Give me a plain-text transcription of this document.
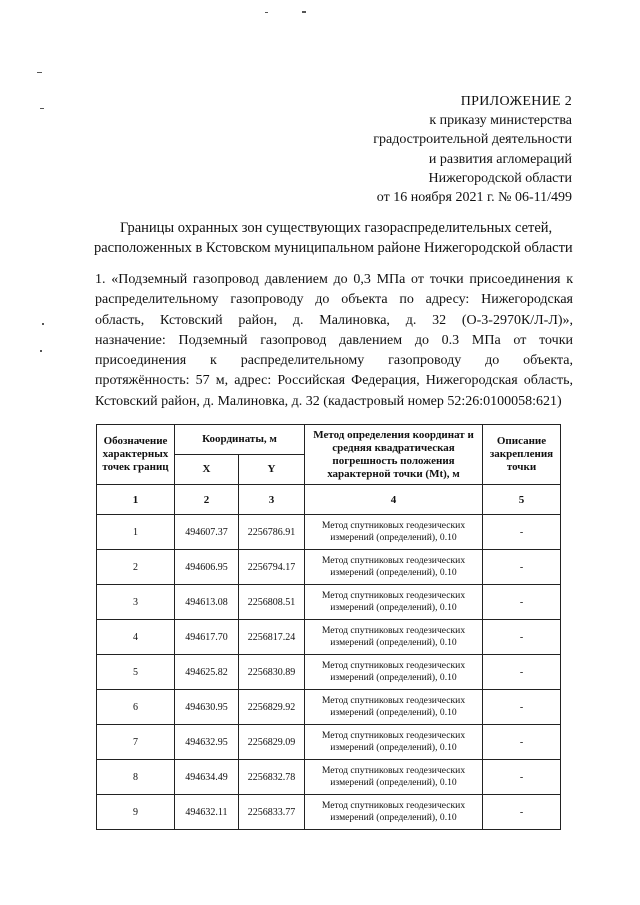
ПРИЛОЖЕНИЕ 2
к приказу министерства
градостроительной деятельности
и развития агломераций
Нижегородской области
от 16 ноября 2021 г. № 06-11/499
Границы охранных зон существующих газораспределительных сетей,
расположенных в Кстовском муниципальном районе Нижегородской области
1. «Подземный газопровод давлением до 0,3 МПа от точки присоединения к
распределительному газопроводу до объекта по адресу: Нижегородская
область, Кстовский район, д. Малиновка, д. 32 (О-3-2970К/Л-Л)»,
назначение: Подземный газопровод давлением до 0.3 МПа от точки
присоединения к распределительному газопроводу до объекта,
протяжённость: 57 м, адрес: Российская Федерация, Нижегородская область,
Кстовский район, д. Малиновка, д. 32 (кадастровый номер 52:26:0100058:621)
Обозначение характерных точек границ	Координаты, м		Метод определения координат и средняя квадратическая погрешность положения характерной точки (Mt), м	Описание закрепления точки
	X	Y		
1	2	3	4	5
1	494607.37	2256786.91	Метод спутниковых геодезических измерений (определений), 0.10	-
2	494606.95	2256794.17	Метод спутниковых геодезических измерений (определений), 0.10	-
3	494613.08	2256808.51	Метод спутниковых геодезических измерений (определений), 0.10	-
4	494617.70	2256817.24	Метод спутниковых геодезических измерений (определений), 0.10	-
5	494625.82	2256830.89	Метод спутниковых геодезических измерений (определений), 0.10	-
6	494630.95	2256829.92	Метод спутниковых геодезических измерений (определений), 0.10	-
7	494632.95	2256829.09	Метод спутниковых геодезических измерений (определений), 0.10	-
8	494634.49	2256832.78	Метод спутниковых геодезических измерений (определений), 0.10	-
9	494632.11	2256833.77	Метод спутниковых геодезических измерений (определений), 0.10	-
